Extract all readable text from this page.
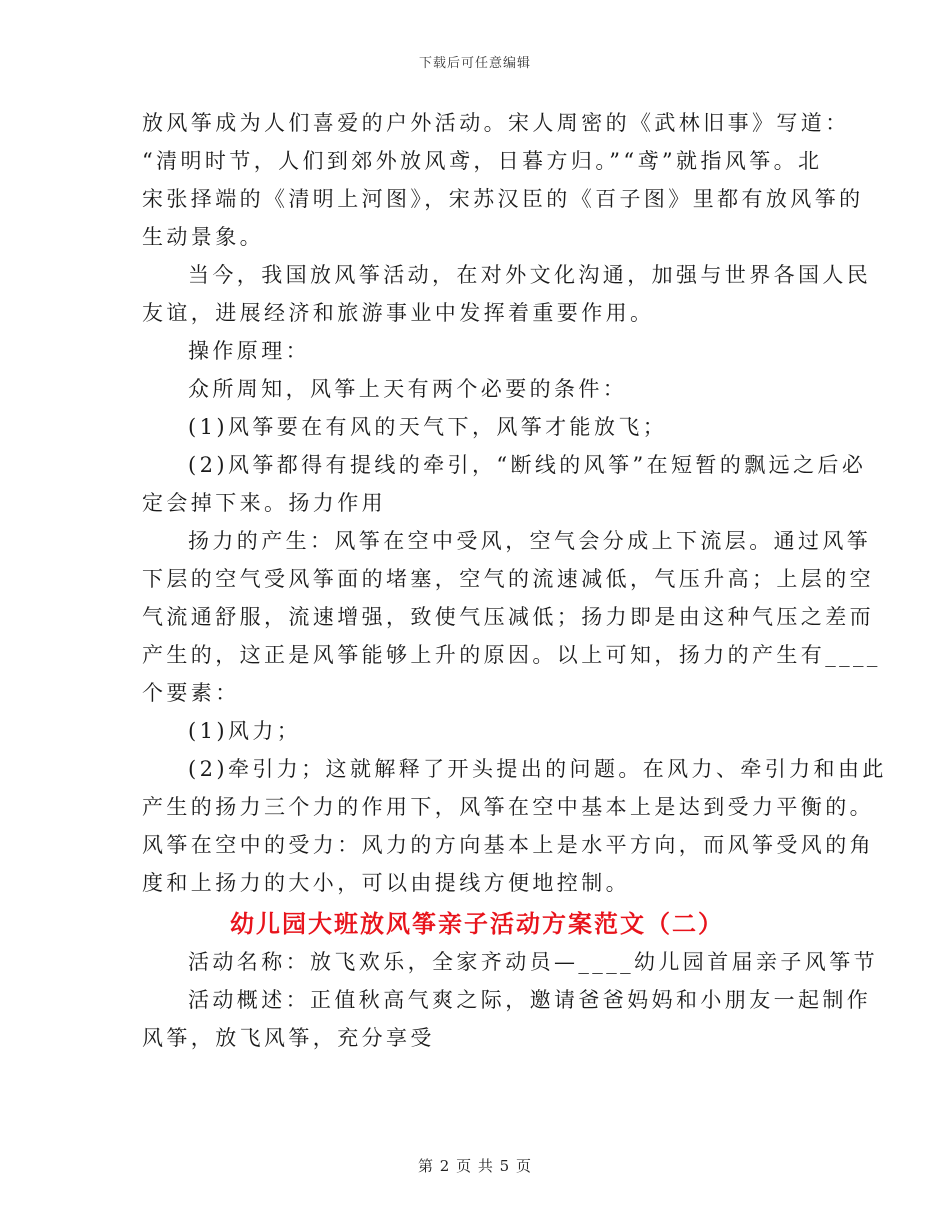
下载后可任意编辑

放风筝成为人们喜爱的户外活动。宋人周密的《武林旧事》写道：

“清明时节，人们到郊外放风鸢，日暮方归。”“鸢”就指风筝。北

宋张择端的《清明上河图》，宋苏汉臣的《百子图》里都有放风筝的

生动景象。

当今，我国放风筝活动，在对外文化沟通，加强与世界各国人民

友谊，进展经济和旅游事业中发挥着重要作用。

操作原理：

众所周知，风筝上天有两个必要的条件：

(1)风筝要在有风的天气下，风筝才能放飞；

(2)风筝都得有提线的牵引，“断线的风筝”在短暂的飘远之后必

定会掉下来。扬力作用

扬力的产生：风筝在空中受风，空气会分成上下流层。通过风筝

下层的空气受风筝面的堵塞，空气的流速减低，气压升高；上层的空

气流通舒服，流速增强，致使气压减低；扬力即是由这种气压之差而

产生的，这正是风筝能够上升的原因。以上可知，扬力的产生有____

个要素：

(1)风力；

(2)牵引力；这就解释了开头提出的问题。在风力、牵引力和由此

产生的扬力三个力的作用下，风筝在空中基本上是达到受力平衡的。

风筝在空中的受力：风力的方向基本上是水平方向，而风筝受风的角

度和上扬力的大小，可以由提线方便地控制。

幼儿园大班放风筝亲子活动方案范文（二）

活动名称：放飞欢乐，全家齐动员—____幼儿园首届亲子风筝节

活动概述：正值秋高气爽之际，邀请爸爸妈妈和小朋友一起制作

风筝，放飞风筝，充分享受

第 2 页 共 5 页
